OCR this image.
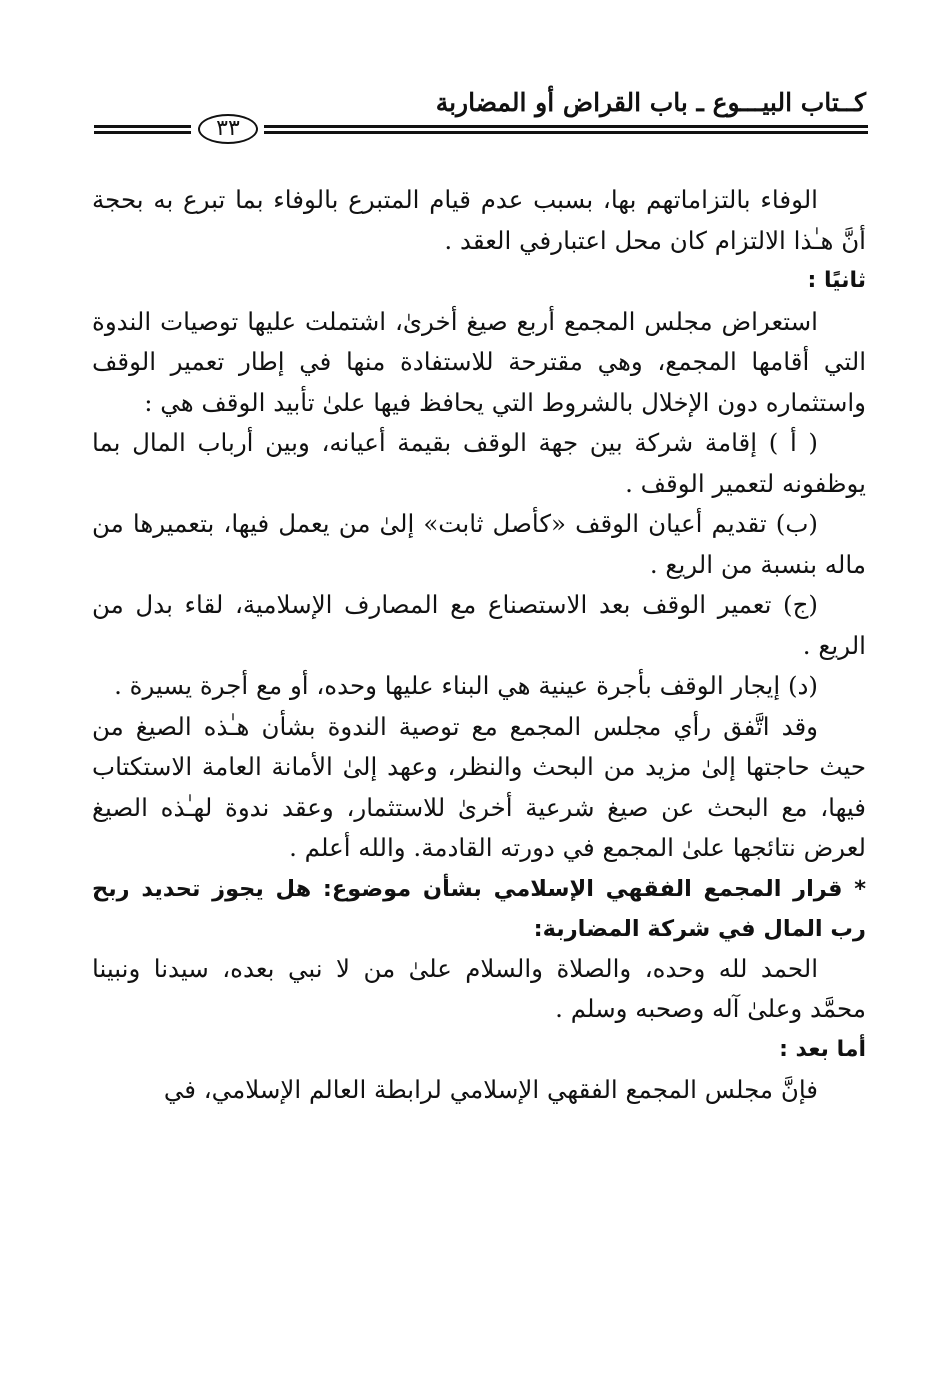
كــتاب البيـــوع ـ باب القراض أو المضاربة
٣٣

الوفاء بالتزاماتهم بها، بسبب عدم قيام المتبرع بالوفاء بما تبرع به بحجة أنَّ هـٰذا الالتزام كان محل اعتبارفي العقد .

ثانيًا :

استعراض مجلس المجمع أربع صيغ أخرىٰ، اشتملت عليها توصيات الندوة التي أقامها المجمع، وهي مقترحة للاستفادة منها في إطار تعمير الوقف واستثماره دون الإخلال بالشروط التي يحافظ فيها علىٰ تأبيد الوقف هي :

( أ ) إقامة شركة بين جهة الوقف بقيمة أعيانه، وبين أرباب المال بما يوظفونه لتعمير الوقف .

(ب) تقديم أعيان الوقف «كأصل ثابت» إلىٰ من يعمل فيها، بتعميرها من ماله بنسبة من الريع .

(ج) تعمير الوقف بعد الاستصناع مع المصارف الإسلامية، لقاء بدل من الريع .

(د) إيجار الوقف بأجرة عينية هي البناء عليها وحده، أو مع أجرة يسيرة .

وقد اتَّفق رأي مجلس المجمع مع توصية الندوة بشأن هـٰذه الصيغ من حيث حاجتها إلىٰ مزيد من البحث والنظر، وعهد إلىٰ الأمانة العامة الاستكتاب فيها، مع البحث عن صيغ شرعية أخرىٰ للاستثمار، وعقد ندوة لهـٰذه الصيغ لعرض نتائجها علىٰ المجمع في دورته القادمة. والله أعلم .

* قرار المجمع الفقهي الإسلامي بشأن موضوع: هل يجوز تحديد ربح رب المال في شركة المضاربة:

الحمد لله وحده، والصلاة والسلام علىٰ من لا نبي بعده، سيدنا ونبينا محمَّد وعلىٰ آله وصحبه وسلم .

أما بعد :

فإنَّ مجلس المجمع الفقهي الإسلامي لرابطة العالم الإسلامي، في
